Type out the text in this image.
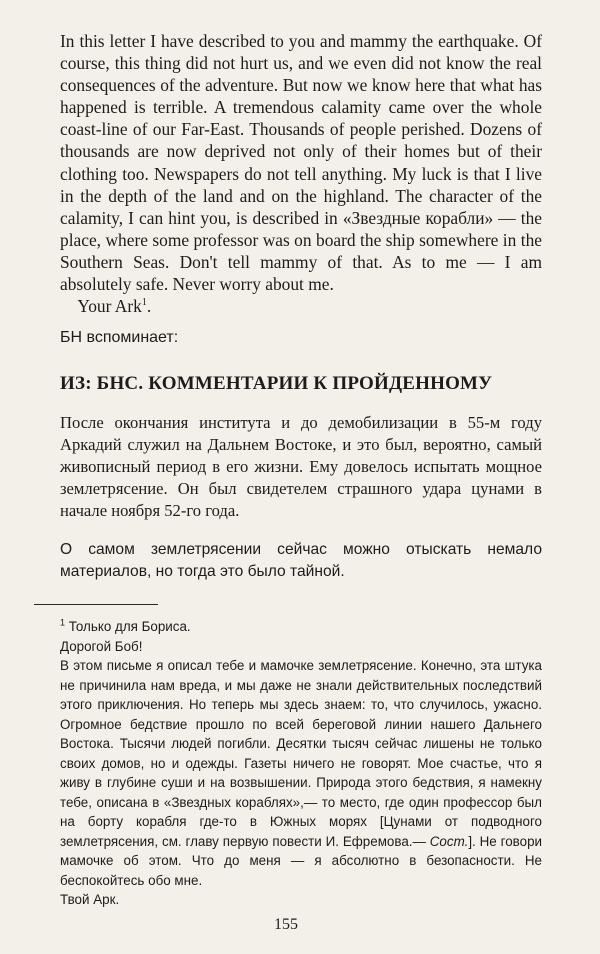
In this letter I have described to you and mammy the earthquake. Of course, this thing did not hurt us, and we even did not know the real consequences of the adventure. But now we know here that what has happened is terrible. A tremendous calamity came over the whole coast-line of our Far-East. Thousands of people perished. Dozens of thousands are now deprived not only of their homes but of their clothing too. Newspapers do not tell anything. My luck is that I live in the depth of the land and on the highland. The character of the calamity, I can hint you, is described in «Звездные корабли» — the place, where some professor was on board the ship somewhere in the Southern Seas. Don't tell mammy of that. As to me — I am absolutely safe. Never worry about me.

Your Ark$^1$.

БН вспоминает:

ИЗ: БНС. КОММЕНТАРИИ К ПРОЙДЕННОМУ

После окончания института и до демобилизации в 55-м году Аркадий служил на Дальнем Востоке, и это был, вероятно, самый живописный период в его жизни. Ему довелось испытать мощное землетрясение. Он был свидетелем страшного удара цунами в начале ноября 52-го года.

О самом землетрясении сейчас можно отыскать немало материалов, но тогда это было тайной.

$^1$ Только для Бориса.

Дорогой Боб!

В этом письме я описал тебе и мамочке землетрясение. Конечно, эта штука не причинила нам вреда, и мы даже не знали действительных последствий этого приключения. Но теперь мы здесь знаем: то, что случилось, ужасно. Огромное бедствие прошло по всей береговой линии нашего Дальнего Востока. Тысячи людей погибли. Десятки тысяч сейчас лишены не только своих домов, но и одежды. Газеты ничего не говорят. Мое счастье, что я живу в глубине суши и на возвышении. Природа этого бедствия, я намекну тебе, описана в «Звездных кораблях»,— то место, где один профессор был на борту корабля где-то в Южных морях [Цунами от подводного землетрясения, см. главу первую повести И. Ефремова.— Сост.]. Не говори мамочке об этом. Что до меня — я абсолютно в безопасности. Не беспокойтесь обо мне.

Твой Арк.

155
